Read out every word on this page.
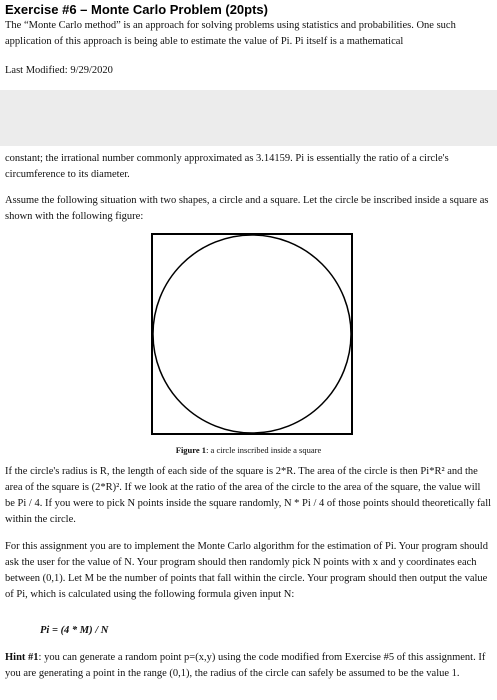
Exercise #6 – Monte Carlo Problem (20pts)

The “Monte Carlo method” is an approach for solving problems using statistics and probabilities. One such application of this approach is being able to estimate the value of Pi. Pi itself is a mathematical

Last Modified: 9/29/2020

constant; the irrational number commonly approximated as 3.14159. Pi is essentially the ratio of a circle's circumference to its diameter.

Assume the following situation with two shapes, a circle and a square. Let the circle be inscribed inside a square as shown with the following figure:

Figure 1: a circle inscribed inside a square

If the circle's radius is R, the length of each side of the square is 2*R. The area of the circle is then Pi*R² and the area of the square is (2*R)². If we look at the ratio of the area of the circle to the area of the square, the value will be Pi / 4. If you were to pick N points inside the square randomly, N * Pi / 4 of those points should theoretically fall within the circle.

For this assignment you are to implement the Monte Carlo algorithm for the estimation of Pi. Your program should ask the user for the value of N. Your program should then randomly pick N points with x and y coordinates each between (0,1). Let M be the number of points that fall within the circle. Your program should then output the value of Pi, which is calculated using the following formula given input N:

Pi = (4 * M) / N

Hint #1: you can generate a random point p=(x,y) using the code modified from Exercise #5 of this assignment. If you are generating a point in the range (0,1), the radius of the circle can safely be assumed to be the value 1.
